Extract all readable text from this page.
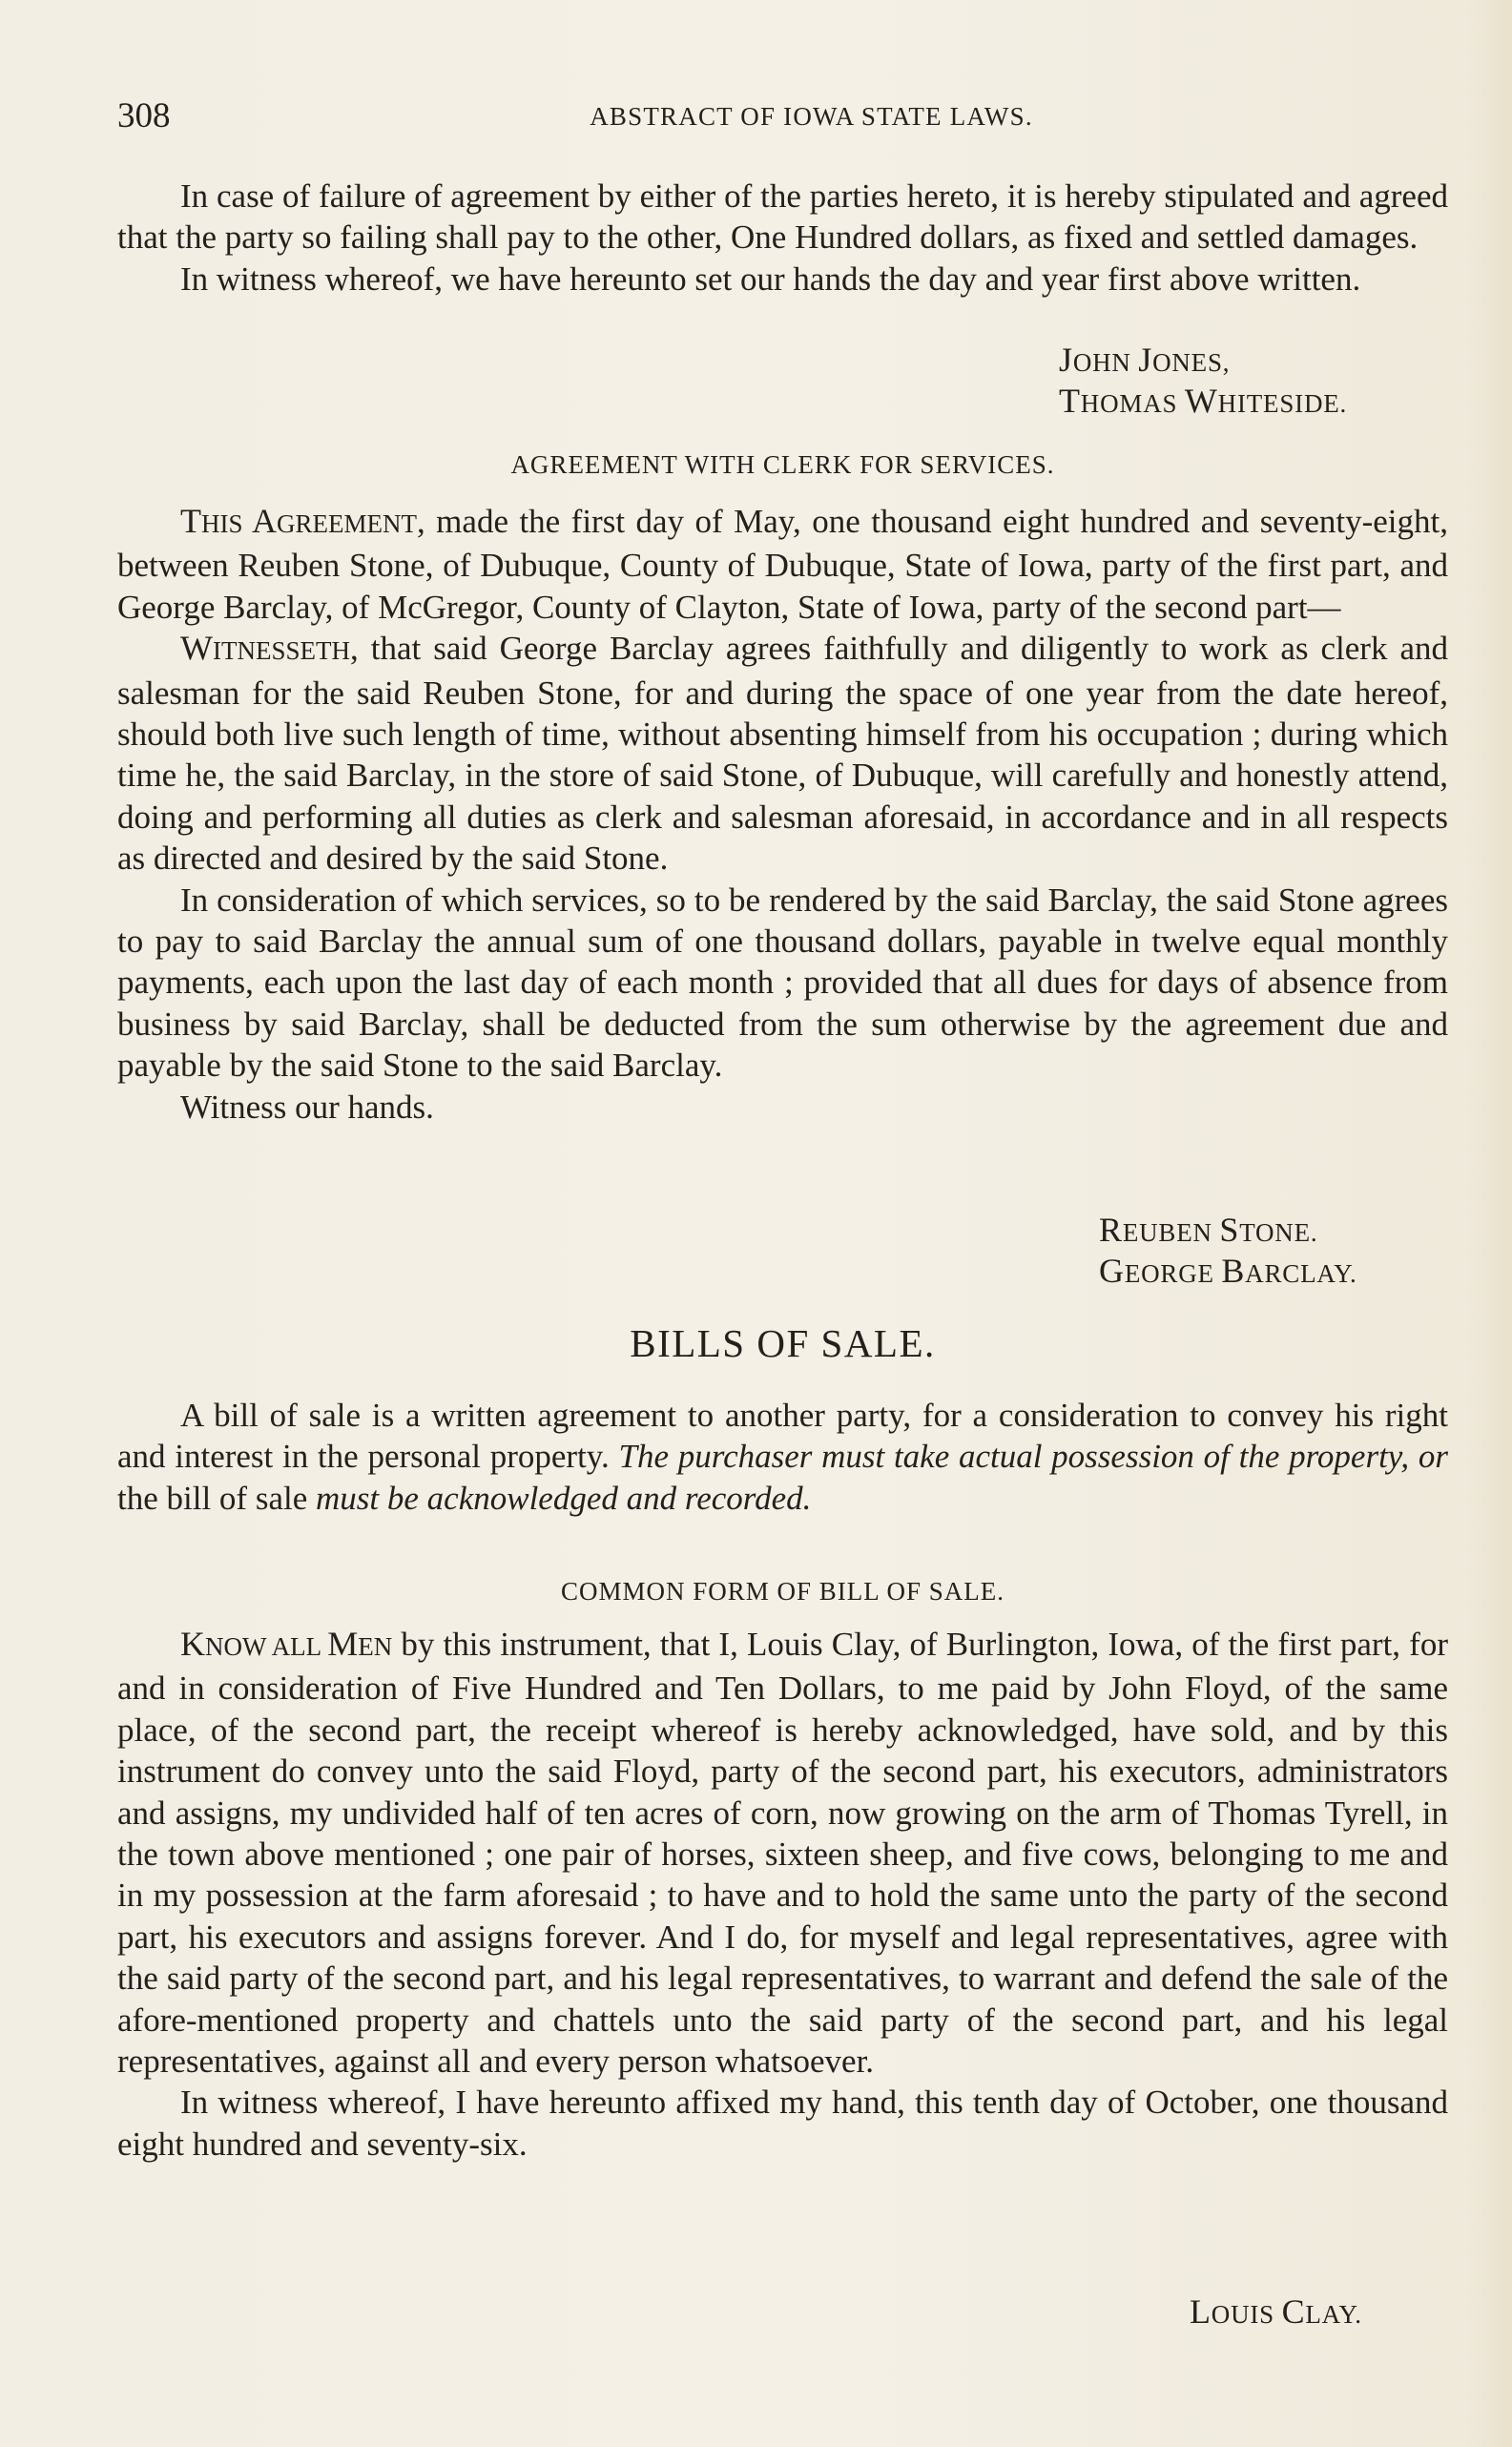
308	ABSTRACT OF IOWA STATE LAWS.

In case of failure of agreement by either of the parties hereto, it is hereby stipulated and agreed that the party so failing shall pay to the other, One Hundred dollars, as fixed and settled damages.

In witness whereof, we have hereunto set our hands the day and year first above written.

JOHN JONES,
THOMAS WHITESIDE.
AGREEMENT WITH CLERK FOR SERVICES.

THIS AGREEMENT, made the first day of May, one thousand eight hundred and seventy-eight, between Reuben Stone, of Dubuque, County of Dubuque, State of Iowa, party of the first part, and George Barclay, of McGregor, County of Clayton, State of Iowa, party of the second part—

WITNESSETH, that said George Barclay agrees faithfully and diligently to work as clerk and salesman for the said Reuben Stone, for and during the space of one year from the date hereof, should both live such length of time, without absenting himself from his occupation ; during which time he, the said Barclay, in the store of said Stone, of Dubuque, will carefully and honestly attend, doing and performing all duties as clerk and salesman aforesaid, in accordance and in all respects as directed and desired by the said Stone.

In consideration of which services, so to be rendered by the said Barclay, the said Stone agrees to pay to said Barclay the annual sum of one thousand dollars, payable in twelve equal monthly payments, each upon the last day of each month ; provided that all dues for days of absence from business by said Barclay, shall be deducted from the sum otherwise by the agreement due and payable by the said Stone to the said Barclay.

Witness our hands.

REUBEN STONE.
GEORGE BARCLAY.
BILLS OF SALE.

A bill of sale is a written agreement to another party, for a consideration to convey his right and interest in the personal property. The purchaser must take actual possession of the property, or the bill of sale must be acknowledged and recorded.

COMMON FORM OF BILL OF SALE.

KNOW ALL MEN by this instrument, that I, Louis Clay, of Burlington, Iowa, of the first part, for and in consideration of Five Hundred and Ten Dollars, to me paid by John Floyd, of the same place, of the second part, the receipt whereof is hereby acknowledged, have sold, and by this instrument do convey unto the said Floyd, party of the second part, his executors, administrators and assigns, my undivided half of ten acres of corn, now growing on the arm of Thomas Tyrell, in the town above mentioned ; one pair of horses, sixteen sheep, and five cows, belonging to me and in my possession at the farm aforesaid ; to have and to hold the same unto the party of the second part, his executors and assigns forever. And I do, for myself and legal representatives, agree with the said party of the second part, and his legal representatives, to warrant and defend the sale of the afore-mentioned property and chattels unto the said party of the second part, and his legal representatives, against all and every person whatsoever.

In witness whereof, I have hereunto affixed my hand, this tenth day of October, one thousand eight hundred and seventy-six.

LOUIS CLAY.
